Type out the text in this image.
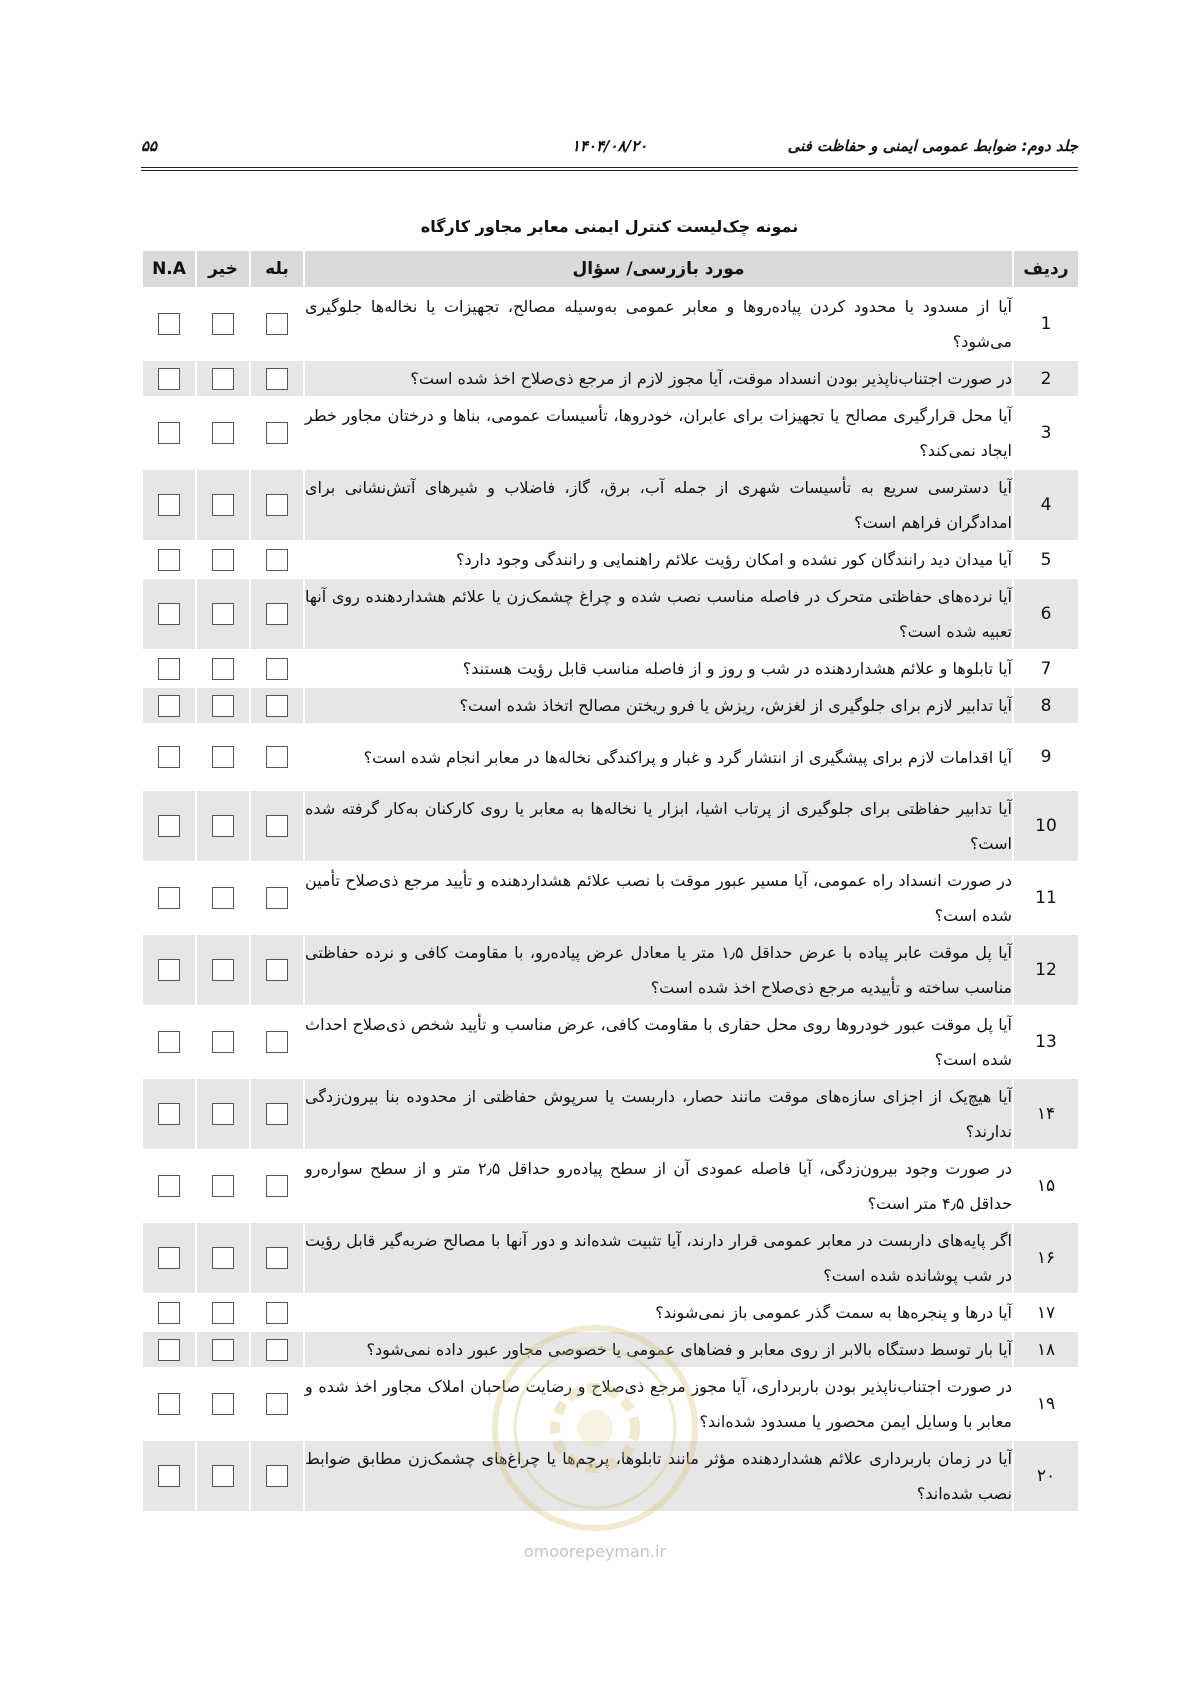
جلد دوم: ضوابط عمومی ایمنی و حفاظت فنی
۱۴۰۴/۰۸/۲۰
۵۵
نمونه چک‌لیست کنترل ایمنی معابر مجاور کارگاه
ردیف	مورد بازرسی/ سؤال	بله	خیر	N.A
1	آیا از مسدود یا محدود کردن پیاده‌روها و معابر عمومی به‌وسیله مصالح، تجهیزات یا نخاله‌ها جلوگیری می‌شود؟			
2	در صورت اجتناب‌ناپذیر بودن انسداد موقت، آیا مجوز لازم از مرجع ذی‌صلاح اخذ شده است؟			
3	آیا محل قرارگیری مصالح یا تجهیزات برای عابران، خودروها، تأسیسات عمومی، بناها و درختان مجاور خطر ایجاد نمی‌کند؟			
4	آیا دسترسی سریع به تأسیسات شهری از جمله آب، برق، گاز، فاضلاب و شیرهای آتش‌نشانی برای امدادگران فراهم است؟			
5	آیا میدان دید رانندگان کور نشده و امکان رؤیت علائم راهنمایی و رانندگی وجود دارد؟			
6	آیا نرده‌های حفاظتی متحرک در فاصله مناسب نصب شده و چراغ چشمک‌زن یا علائم هشداردهنده روی آنها تعبیه شده است؟			
7	آیا تابلوها و علائم هشداردهنده در شب و روز و از فاصله مناسب قابل رؤیت هستند؟			
8	آیا تدابیر لازم برای جلوگیری از لغزش، ریزش یا فرو ریختن مصالح اتخاذ شده است؟			
9	آیا اقدامات لازم برای پیشگیری از انتشار گرد و غبار و پراکندگی نخاله‌ها در معابر انجام شده است؟			
10	آیا تدابیر حفاظتی برای جلوگیری از پرتاب اشیا، ابزار یا نخاله‌ها به معابر یا روی کارکنان به‌کار گرفته شده است؟			
11	در صورت انسداد راه عمومی، آیا مسیر عبور موقت با نصب علائم هشداردهنده و تأیید مرجع ذی‌صلاح تأمین شده است؟			
12	آیا پل موقت عابر پیاده با عرض حداقل ۱٫۵ متر یا معادل عرض پیاده‌رو، با مقاومت کافی و نرده حفاظتی مناسب ساخته و تأییدیه مرجع ذی‌صلاح اخذ شده است؟			
13	آیا پل موقت عبور خودروها روی محل حفاری با مقاومت کافی، عرض مناسب و تأیید شخص ذی‌صلاح احداث شده است؟			
۱۴	آیا هیچ‌یک از اجزای سازه‌های موقت مانند حصار، داربست یا سرپوش حفاظتی از محدوده بنا بیرون‌زدگی ندارند؟			
۱۵	در صورت وجود بیرون‌زدگی، آیا فاصله عمودی آن از سطح پیاده‌رو حداقل ۲٫۵ متر و از سطح سواره‌رو حداقل ۴٫۵ متر است؟			
۱۶	اگر پایه‌های داربست در معابر عمومی قرار دارند، آیا تثبیت شده‌اند و دور آنها با مصالح ضربه‌گیر قابل رؤیت در شب پوشانده شده است؟			
۱۷	آیا درها و پنجره‌ها به سمت گذر عمومی باز نمی‌شوند؟			
۱۸	آیا بار توسط دستگاه بالابر از روی معابر و فضاهای عمومی یا خصوصی مجاور عبور داده نمی‌شود؟			
۱۹	در صورت اجتناب‌ناپذیر بودن باربرداری، آیا مجوز مرجع ذی‌صلاح و رضایت صاحبان املاک مجاور اخذ شده و معابر با وسایل ایمن محصور یا مسدود شده‌اند؟			
۲۰	آیا در زمان باربرداری علائم هشداردهنده مؤثر مانند تابلوها، پرچم‌ها یا چراغ‌های چشمک‌زن مطابق ضوابط نصب شده‌اند؟			
omoorepeyman.ir
